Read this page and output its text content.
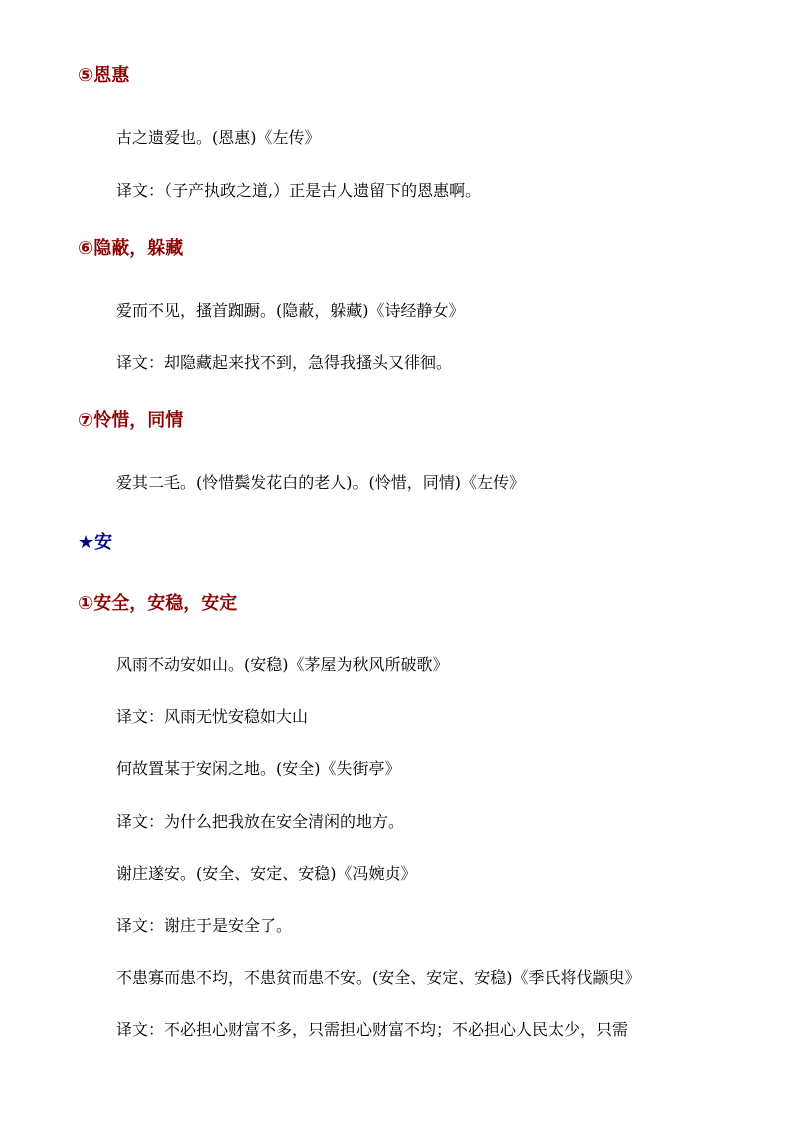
⑤恩惠
古之遗爱也。(恩惠)《左传》
译文：（子产执政之道,）正是古人遗留下的恩惠啊。
⑥隐蔽，躲藏
爱而不见，搔首踟蹰。(隐蔽，躲藏)《诗经静女》
译文：却隐藏起来找不到，急得我搔头又徘徊。
⑦怜惜，同情
爱其二毛。(怜惜鬓发花白的老人)。(怜惜，同情)《左传》
★安
①安全，安稳，安定
风雨不动安如山。(安稳)《茅屋为秋风所破歌》
译文：风雨无忧安稳如大山
何故置某于安闲之地。(安全)《失街亭》
译文：为什么把我放在安全清闲的地方。
谢庄遂安。(安全、安定、安稳)《冯婉贞》
译文：谢庄于是安全了。
不患寡而患不均，不患贫而患不安。(安全、安定、安稳)《季氏将伐颛臾》
译文：不必担心财富不多，只需担心财富不均；不必担心人民太少，只需
